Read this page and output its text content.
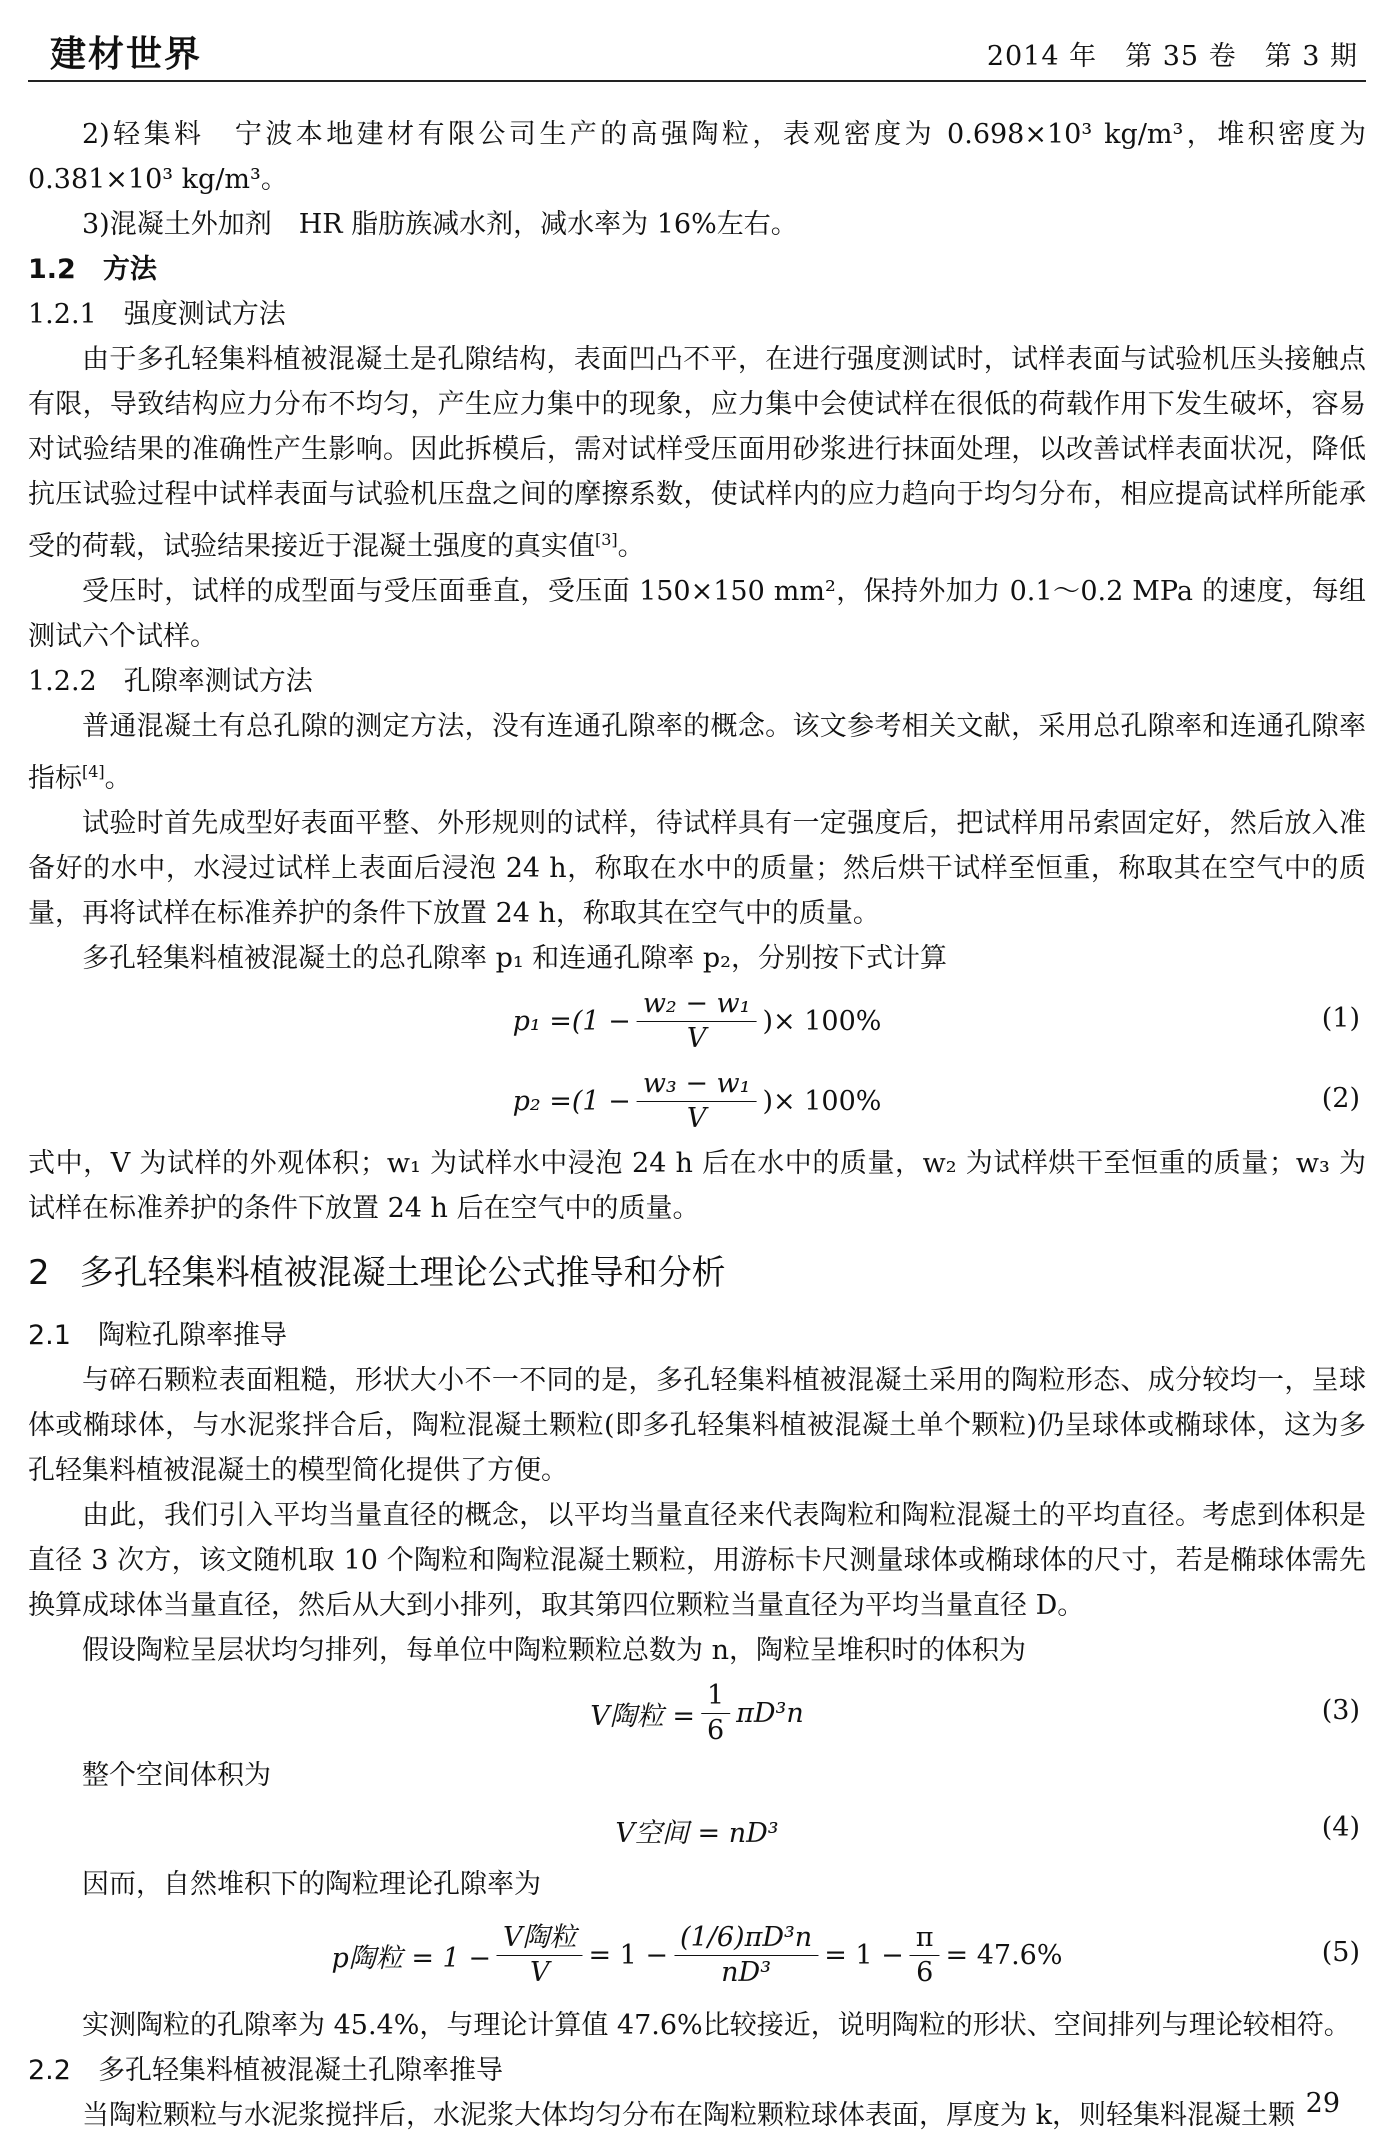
建材世界	2014 年　第 35 卷　第 3 期

2)轻集料　宁波本地建材有限公司生产的高强陶粒，表观密度为 0.698×10³ kg/m³，堆积密度为 0.381×10³ kg/m³。

3)混凝土外加剂　HR 脂肪族减水剂，减水率为 16%左右。

1.2　方法

1.2.1　强度测试方法

由于多孔轻集料植被混凝土是孔隙结构，表面凹凸不平，在进行强度测试时，试样表面与试验机压头接触点有限，导致结构应力分布不均匀，产生应力集中的现象，应力集中会使试样在很低的荷载作用下发生破坏，容易对试验结果的准确性产生影响。因此拆模后，需对试样受压面用砂浆进行抹面处理，以改善试样表面状况，降低抗压试验过程中试样表面与试验机压盘之间的摩擦系数，使试样内的应力趋向于均匀分布，相应提高试样所能承受的荷载，试验结果接近于混凝土强度的真实值[3]。

受压时，试样的成型面与受压面垂直，受压面 150×150 mm²，保持外加力 0.1～0.2 MPa 的速度，每组测试六个试样。

1.2.2　孔隙率测试方法

普通混凝土有总孔隙的测定方法，没有连通孔隙率的概念。该文参考相关文献，采用总孔隙率和连通孔隙率指标[4]。

试验时首先成型好表面平整、外形规则的试样，待试样具有一定强度后，把试样用吊索固定好，然后放入准备好的水中，水浸过试样上表面后浸泡 24 h，称取在水中的质量；然后烘干试样至恒重，称取其在空气中的质量，再将试样在标准养护的条件下放置 24 h，称取其在空气中的质量。

多孔轻集料植被混凝土的总孔隙率 p₁ 和连通孔隙率 p₂，分别按下式计算

$p_1 =(1 - \frac{\text{w₂ − w₁}}{V}$ )× 100%	(1)
$p_2 =(1 - \frac{\text{w₃ − w₁}}{V}$ )× 100%	(2)

式中，V 为试样的外观体积；w₁ 为试样水中浸泡 24 h 后在水中的质量，w₂ 为试样烘干至恒重的质量；w₃ 为试样在标准养护的条件下放置 24 h 后在空气中的质量。

2 多孔轻集料植被混凝土理论公式推导和分析

2.1　陶粒孔隙率推导

与碎石颗粒表面粗糙，形状大小不一不同的是，多孔轻集料植被混凝土采用的陶粒形态、成分较均一，呈球体或椭球体，与水泥浆拌合后，陶粒混凝土颗粒(即多孔轻集料植被混凝土单个颗粒)仍呈球体或椭球体，这为多孔轻集料植被混凝土的模型简化提供了方便。

由此，我们引入平均当量直径的概念，以平均当量直径来代表陶粒和陶粒混凝土的平均直径。考虑到体积是直径 3 次方，该文随机取 10 个陶粒和陶粒混凝土颗粒，用游标卡尺测量球体或椭球体的尺寸，若是椭球体需先换算成球体当量直径，然后从大到小排列，取其第四位颗粒当量直径为平均当量直径 D。

假设陶粒呈层状均匀排列，每单位中陶粒颗粒总数为 n，陶粒呈堆积时的体积为

V陶粒 = $\frac{1}{6} \pi D^3n$	(3)

整个空间体积为

V空间 = nD³	(4)

因而，自然堆积下的陶粒理论孔隙率为

p陶粒 = $1 - \frac{\text{V陶粒}}{V} = 1 - \frac{\text{(1/6)πD³n}}{\text{nD³}} = 1 - \frac{\pi}{6} = 47.6\%$	(5)

实测陶粒的孔隙率为 45.4%，与理论计算值 47.6%比较接近，说明陶粒的形状、空间排列与理论较相符。

2.2　多孔轻集料植被混凝土孔隙率推导

当陶粒颗粒与水泥浆搅拌后，水泥浆大体均匀分布在陶粒颗粒球体表面，厚度为 k，则轻集料混凝土颗 29
